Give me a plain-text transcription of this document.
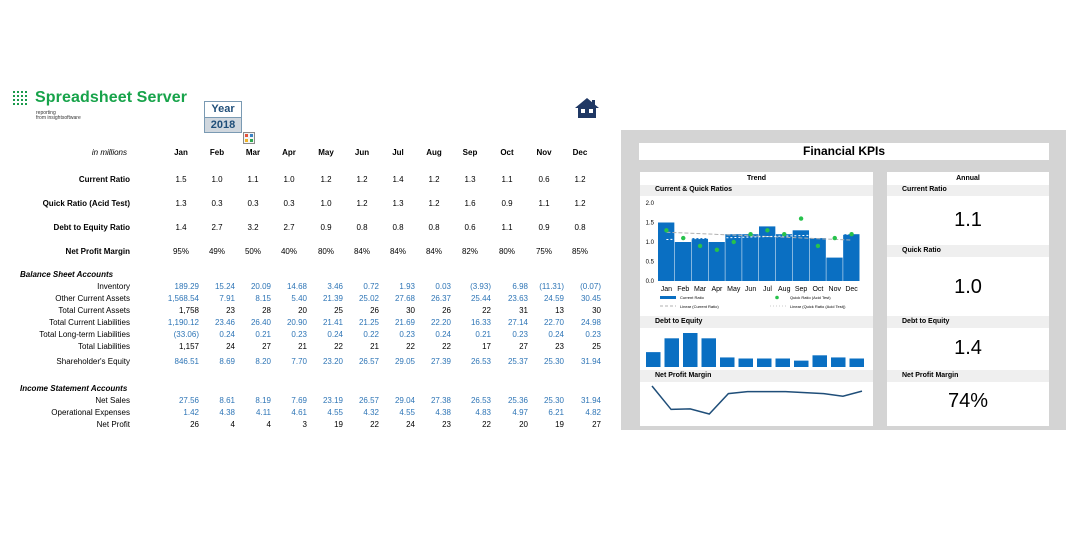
Spreadsheet Server
reporting
from insightsoftware
Year
2018
in millions	Jan	Feb	Mar	Apr	May	Jun	Jul	Aug	Sep	Oct	Nov	Dec
Current Ratio	1.5	1.0	1.1	1.0	1.2	1.2	1.4	1.2	1.3	1.1	0.6	1.2
Quick Ratio (Acid Test)	1.3	0.3	0.3	0.3	1.0	1.2	1.3	1.2	1.6	0.9	1.1	1.2
Debt to Equity Ratio	1.4	2.7	3.2	2.7	0.9	0.8	0.8	0.8	0.6	1.1	0.9	0.8
Net Profit Margin	95%	49%	50%	40%	80%	84%	84%	84%	82%	80%	75%	85%
Balance Sheet Accounts
Inventory	189.29	15.24	20.09	14.68	3.46	0.72	1.93	0.03	(3.93)	6.98	(11.31)	(0.07)
Other Current Assets	1,568.54	7.91	8.15	5.40	21.39	25.02	27.68	26.37	25.44	23.63	24.59	30.45
Total Current Assets	1,758	23	28	20	25	26	30	26	22	31	13	30
Total Current Liabilities	1,190.12	23.46	26.40	20.90	21.41	21.25	21.69	22.20	16.33	27.14	22.70	24.98
Total Long-term Liabilities	(33.06)	0.24	0.21	0.23	0.24	0.22	0.23	0.24	0.21	0.23	0.24	0.23
Total Liabilities	1,157	24	27	21	22	21	22	22	17	27	23	25
Shareholder's Equity	846.51	8.69	8.20	7.70	23.20	26.57	29.05	27.39	26.53	25.37	25.30	31.94
Income Statement Accounts
Net Sales	27.56	8.61	8.19	7.69	23.19	26.57	29.04	27.38	26.53	25.36	25.30	31.94
Operational Expenses	1.42	4.38	4.11	4.61	4.55	4.32	4.55	4.38	4.83	4.97	6.21	4.82
Net Profit	26	4	4	3	19	22	24	23	22	20	19	27
Financial KPIs
Trend
Current & Quick Ratios
0.0
0.5
1.0
1.5
2.0
Jan Feb Mar Apr May Jun Jul Aug Sep Oct Nov Dec
Current Ratio	Quick Ratio (Acid Test)
Linear (Current Ratio)	Linear (Quick Ratio (Acid Test))
Debt to Equity
Net Profit Margin
Annual
Current Ratio
1.1
Quick Ratio
1.0
Debt to Equity
1.4
Net Profit Margin
74%
